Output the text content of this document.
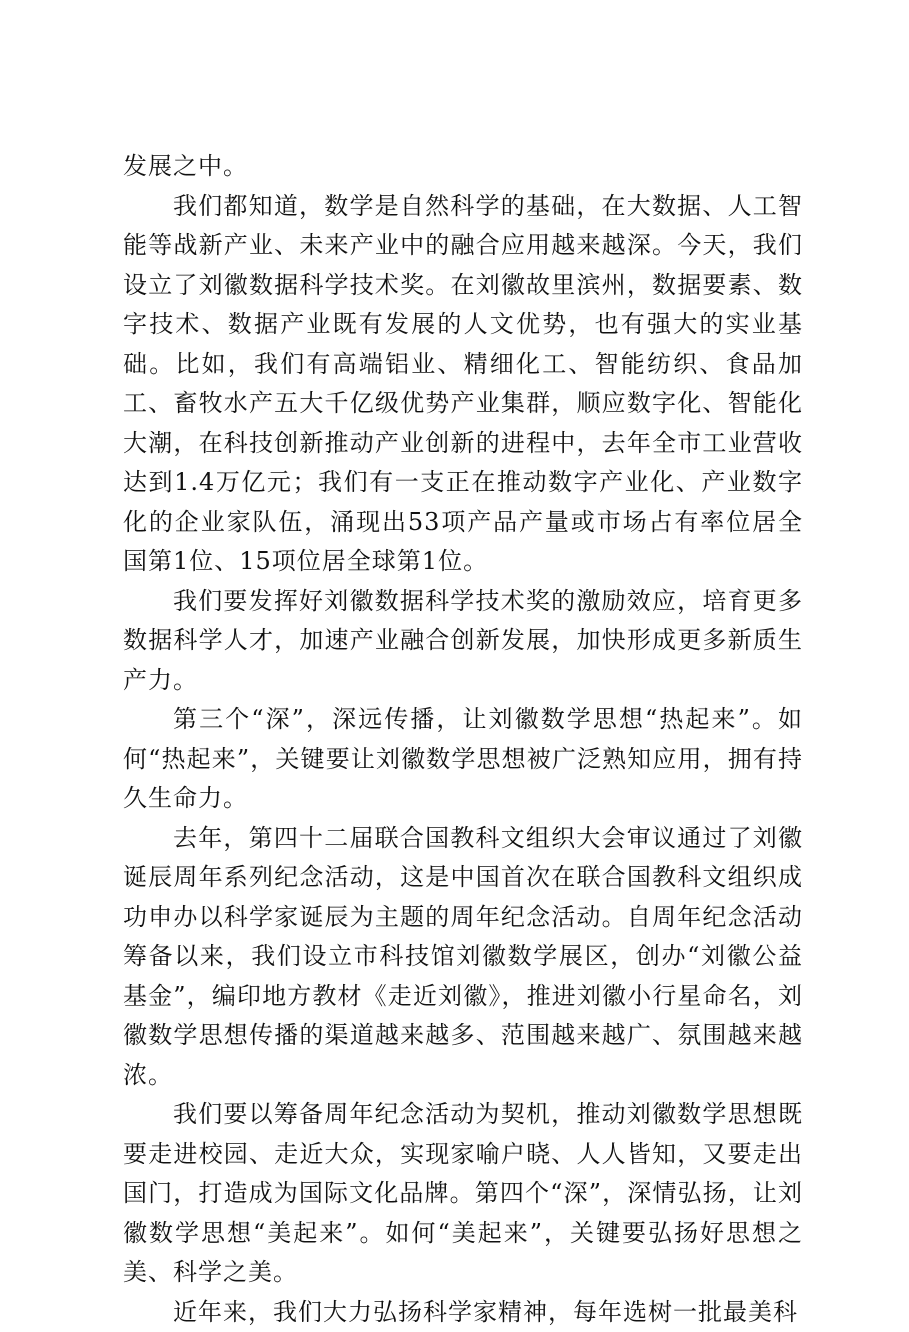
发展之中。

我们都知道，数学是自然科学的基础，在大数据、人工智能等战新产业、未来产业中的融合应用越来越深。今天，我们设立了刘徽数据科学技术奖。在刘徽故里滨州，数据要素、数字技术、数据产业既有发展的人文优势，也有强大的实业基础。比如，我们有高端铝业、精细化工、智能纺织、食品加工、畜牧水产五大千亿级优势产业集群，顺应数字化、智能化大潮，在科技创新推动产业创新的进程中，去年全市工业营收达到1.4万亿元；我们有一支正在推动数字产业化、产业数字化的企业家队伍，涌现出53项产品产量或市场占有率位居全国第1位、15项位居全球第1位。

我们要发挥好刘徽数据科学技术奖的激励效应，培育更多数据科学人才，加速产业融合创新发展，加快形成更多新质生产力。

第三个“深”，深远传播，让刘徽数学思想“热起来”。如何“热起来”，关键要让刘徽数学思想被广泛熟知应用，拥有持久生命力。

去年，第四十二届联合国教科文组织大会审议通过了刘徽诞辰周年系列纪念活动，这是中国首次在联合国教科文组织成功申办以科学家诞辰为主题的周年纪念活动。自周年纪念活动筹备以来，我们设立市科技馆刘徽数学展区，创办“刘徽公益基金”，编印地方教材《走近刘徽》，推进刘徽小行星命名，刘徽数学思想传播的渠道越来越多、范围越来越广、氛围越来越浓。

我们要以筹备周年纪念活动为契机，推动刘徽数学思想既要走进校园、走近大众，实现家喻户晓、人人皆知，又要走出国门，打造成为国际文化品牌。第四个“深”，深情弘扬，让刘徽数学思想“美起来”。如何“美起来”，关键要弘扬好思想之美、科学之美。

近年来，我们大力弘扬科学家精神，每年选树一批最美科
